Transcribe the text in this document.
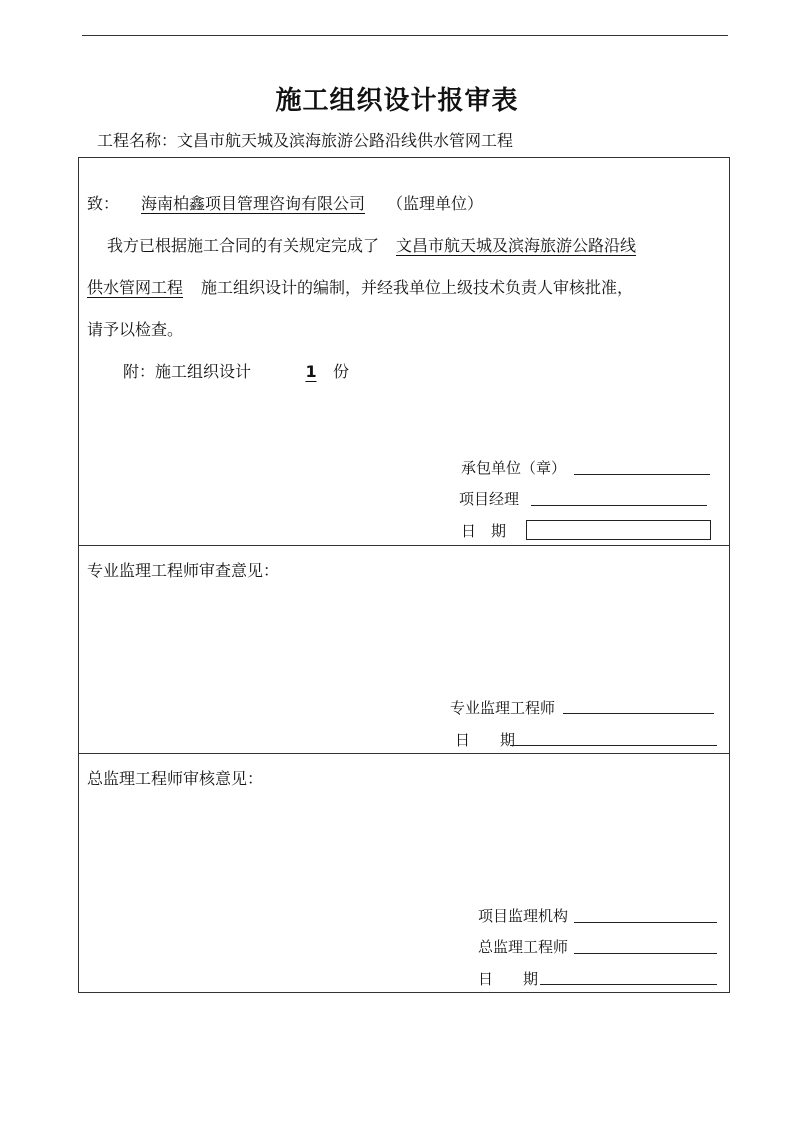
施工组织设计报审表
工程名称：文昌市航天城及滨海旅游公路沿线供水管网工程
致： 海南柏鑫项目管理咨询有限公司 （监理单位）
我方已根据施工合同的有关规定完成了 文昌市航天城及滨海旅游公路沿线
供水管网工程 施工组织设计的编制，并经我单位上级技术负责人审核批准，
请予以检查。
附：施工组织设计	1 份
承包单位（章）
项目经理
日　期
专业监理工程师审查意见：
专业监理工程师
日　　期
总监理工程师审核意见：
项目监理机构
总监理工程师
日　　期
